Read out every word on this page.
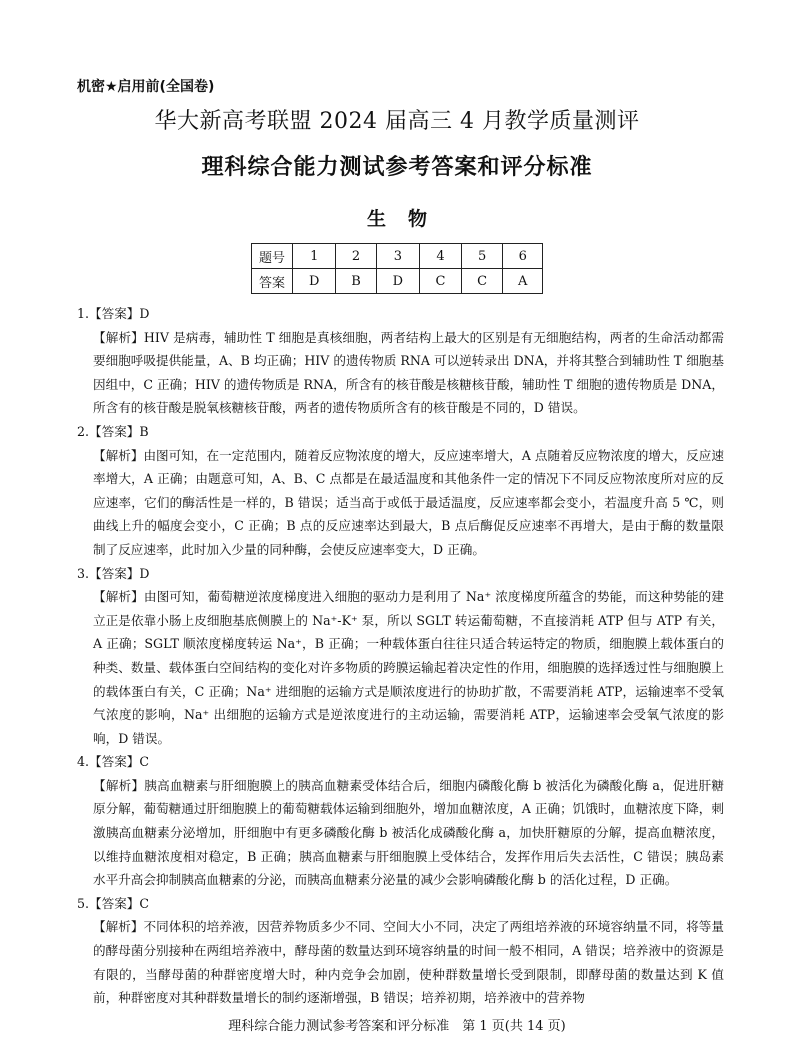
机密★启用前(全国卷)
华大新高考联盟 2024 届高三 4 月教学质量测评
理科综合能力测试参考答案和评分标准
生物
题号	1	2	3	4	5	6
答案	D	B	D	C	C	A
1.【答案】D
【解析】HIV 是病毒，辅助性 T 细胞是真核细胞，两者结构上最大的区别是有无细胞结构，两者的生命活动都需要细胞呼吸提供能量，A、B 均正确；HIV 的遗传物质 RNA 可以逆转录出 DNA，并将其整合到辅助性 T 细胞基因组中，C 正确；HIV 的遗传物质是 RNA，所含有的核苷酸是核糖核苷酸，辅助性 T 细胞的遗传物质是 DNA，所含有的核苷酸是脱氧核糖核苷酸，两者的遗传物质所含有的核苷酸是不同的，D 错误。
2.【答案】B
【解析】由图可知，在一定范围内，随着反应物浓度的增大，反应速率增大，A 点随着反应物浓度的增大，反应速率增大，A 正确；由题意可知，A、B、C 点都是在最适温度和其他条件一定的情况下不同反应物浓度所对应的反应速率，它们的酶活性是一样的，B 错误；适当高于或低于最适温度，反应速率都会变小，若温度升高 5 ℃，则曲线上升的幅度会变小，C 正确；B 点的反应速率达到最大，B 点后酶促反应速率不再增大，是由于酶的数量限制了反应速率，此时加入少量的同种酶，会使反应速率变大，D 正确。
3.【答案】D
【解析】由图可知，葡萄糖逆浓度梯度进入细胞的驱动力是利用了 Na⁺ 浓度梯度所蕴含的势能，而这种势能的建立正是依靠小肠上皮细胞基底侧膜上的 Na⁺-K⁺ 泵，所以 SGLT 转运葡萄糖，不直接消耗 ATP 但与 ATP 有关，A 正确；SGLT 顺浓度梯度转运 Na⁺，B 正确；一种载体蛋白往往只适合转运特定的物质，细胞膜上载体蛋白的种类、数量、载体蛋白空间结构的变化对许多物质的跨膜运输起着决定性的作用，细胞膜的选择透过性与细胞膜上的载体蛋白有关，C 正确；Na⁺ 进细胞的运输方式是顺浓度进行的协助扩散，不需要消耗 ATP，运输速率不受氧气浓度的影响，Na⁺ 出细胞的运输方式是逆浓度进行的主动运输，需要消耗 ATP，运输速率会受氧气浓度的影响，D 错误。
4.【答案】C
【解析】胰高血糖素与肝细胞膜上的胰高血糖素受体结合后，细胞内磷酸化酶 b 被活化为磷酸化酶 a，促进肝糖原分解，葡萄糖通过肝细胞膜上的葡萄糖载体运输到细胞外，增加血糖浓度，A 正确；饥饿时，血糖浓度下降，刺激胰高血糖素分泌增加，肝细胞中有更多磷酸化酶 b 被活化成磷酸化酶 a，加快肝糖原的分解，提高血糖浓度，以维持血糖浓度相对稳定，B 正确；胰高血糖素与肝细胞膜上受体结合，发挥作用后失去活性，C 错误；胰岛素水平升高会抑制胰高血糖素的分泌，而胰高血糖素分泌量的减少会影响磷酸化酶 b 的活化过程，D 正确。
5.【答案】C
【解析】不同体积的培养液，因营养物质多少不同、空间大小不同，决定了两组培养液的环境容纳量不同，将等量的酵母菌分别接种在两组培养液中，酵母菌的数量达到环境容纳量的时间一般不相同，A 错误；培养液中的资源是有限的，当酵母菌的种群密度增大时，种内竞争会加剧，使种群数量增长受到限制，即酵母菌的数量达到 K 值前，种群密度对其种群数量增长的制约逐渐增强，B 错误；培养初期，培养液中的营养物
理科综合能力测试参考答案和评分标准　第 1 页(共 14 页)
